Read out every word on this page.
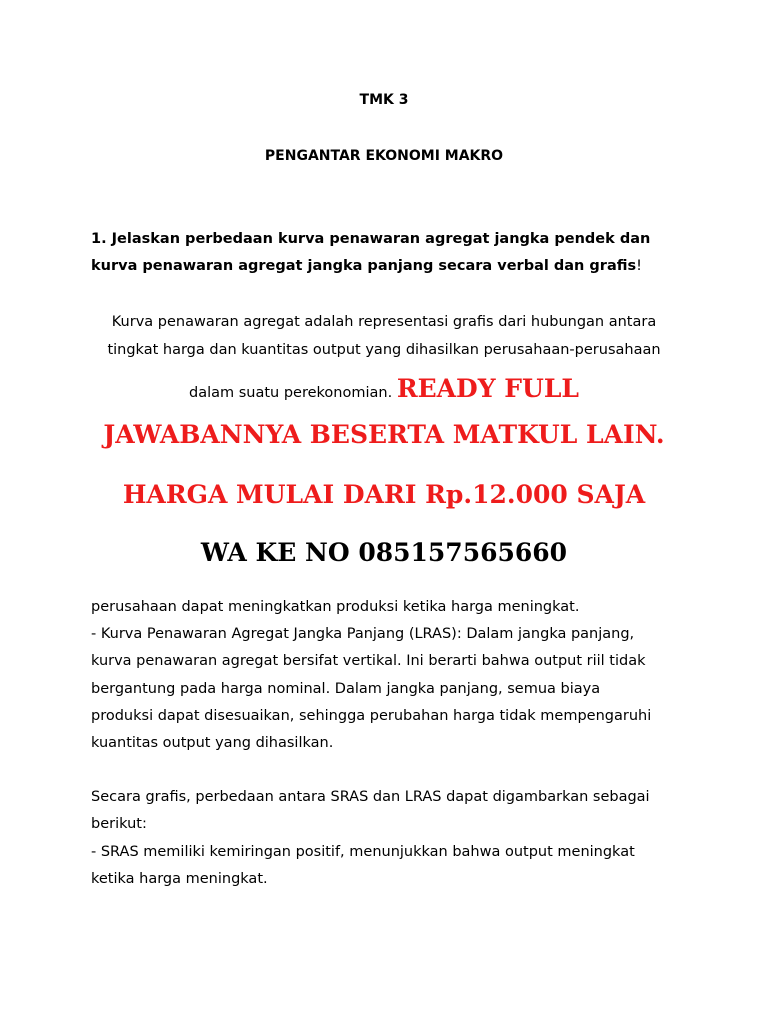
TMK 3

PENGANTAR EKONOMI MAKRO

1. Jelaskan perbedaan kurva penawaran agregat jangka pendek dan kurva penawaran agregat jangka panjang secara verbal dan grafis!

Kurva penawaran agregat adalah representasi grafis dari hubungan antara tingkat harga dan kuantitas output yang dihasilkan perusahaan-perusahaan

dalam suatu perekonomian. READY FULL

JAWABANNYA BESERTA MATKUL LAIN.

HARGA MULAI DARI Rp.12.000 SAJA

WA KE NO 085157565660

perusahaan dapat meningkatkan produksi ketika harga meningkat.
- Kurva Penawaran Agregat Jangka Panjang (LRAS): Dalam jangka panjang,
kurva penawaran agregat bersifat vertikal. Ini berarti bahwa output riil tidak
bergantung pada harga nominal. Dalam jangka panjang, semua biaya
produksi dapat disesuaikan, sehingga perubahan harga tidak mempengaruhi
kuantitas output yang dihasilkan.
Secara grafis, perbedaan antara SRAS dan LRAS dapat digambarkan sebagai
berikut:
- SRAS memiliki kemiringan positif, menunjukkan bahwa output meningkat
ketika harga meningkat.
